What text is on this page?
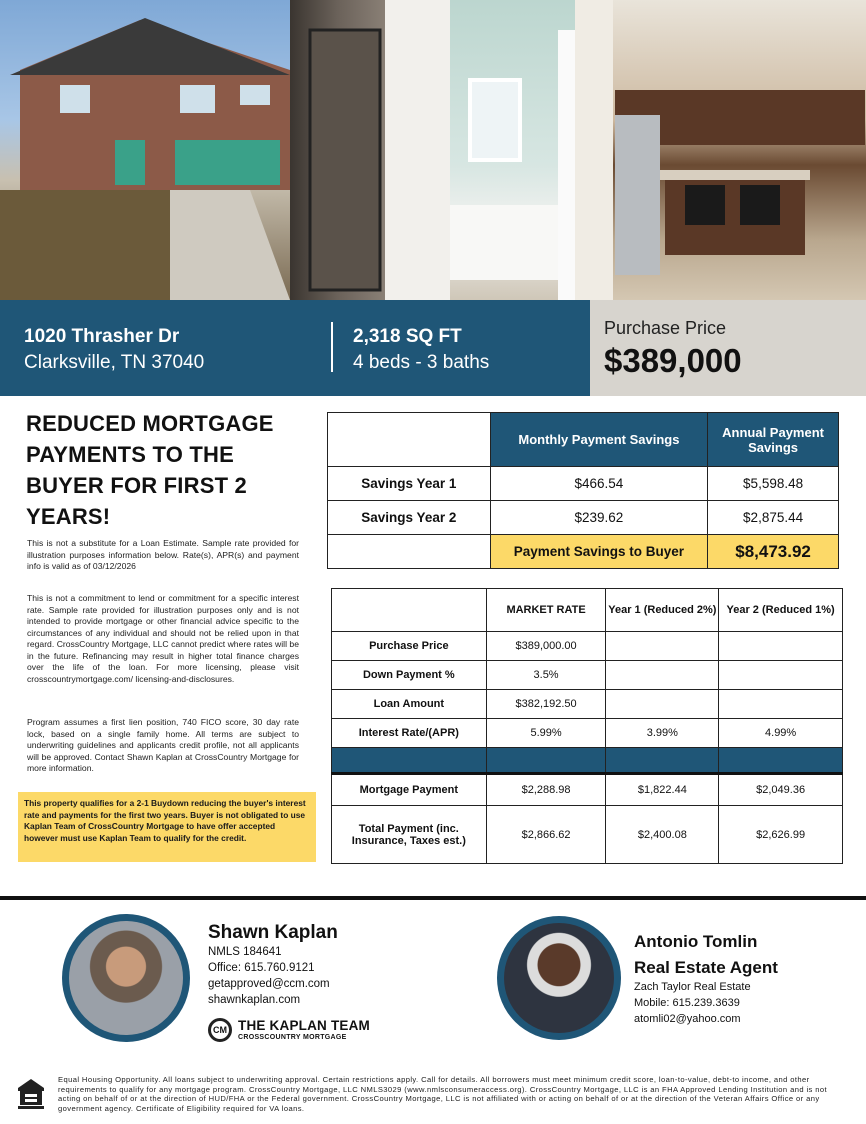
1020 Thrasher Dr
Clarksville, TN 37040
2,318 SQ FT
4 beds - 3 baths
Purchase Price
$389,000
REDUCED MORTGAGE PAYMENTS TO THE BUYER FOR FIRST 2 YEARS!
This is not a substitute for a Loan Estimate. Sample rate provided for illustration purposes information below. Rate(s), APR(s) and payment info is valid as of 03/12/2026
This is not a commitment to lend or commitment for a specific interest rate. Sample rate provided for illustration purposes only and is not intended to provide mortgage or other financial advice specific to the circumstances of any individual and should not be relied upon in that regard. CrossCountry Mortgage, LLC cannot predict where rates will be in the future. Refinancing may result in higher total finance charges over the life of the loan. For more licensing, please visit crosscountrymortgage.com/ licensing-and-disclosures.
Program assumes a first lien position, 740 FICO score, 30 day rate lock, based on a single family home. All terms are subject to underwriting guidelines and applicants credit profile, not all applicants will be approved. Contact Shawn Kaplan at CrossCountry Mortgage for more information.
This property qualifies for a 2-1 Buydown reducing the buyer's interest rate and payments for the first two years. Buyer is not obligated to use Kaplan Team of CrossCountry Mortgage to have offer accepted however must use Kaplan Team to qualify for the credit.
	Monthly Payment Savings	Annual Payment Savings
Savings Year 1	$466.54	$5,598.48
Savings Year 2	$239.62	$2,875.44
	Payment Savings to Buyer	$8,473.92
	MARKET RATE	Year 1 (Reduced 2%)	Year 2 (Reduced 1%)
Purchase Price	$389,000.00		
Down Payment %	3.5%		
Loan Amount	$382,192.50		
Interest Rate/(APR)	5.99%	3.99%	4.99%

Mortgage Payment	$2,288.98	$1,822.44	$2,049.36
Total Payment (inc. Insurance, Taxes est.)	$2,866.62	$2,400.08	$2,626.99
Shawn Kaplan
NMLS 184641
Office: 615.760.9121
getapproved@ccm.com
shawnkaplan.com
CM THE KAPLAN TEAM
CROSSCOUNTRY MORTGAGE
Antonio Tomlin
Real Estate Agent
Zach Taylor Real Estate
Mobile: 615.239.3639
atomli02@yahoo.com
Equal Housing Opportunity. All loans subject to underwriting approval. Certain restrictions apply. Call for details. All borrowers must meet minimum credit score, loan-to-value, debt-to income, and other requirements to qualify for any mortgage program. CrossCountry Mortgage, LLC NMLS3029 (www.nmlsconsumeraccess.org). CrossCountry Mortgage, LLC is an FHA Approved Lending Institution and is not acting on behalf of or at the direction of HUD/FHA or the Federal government. CrossCountry Mortgage, LLC is not affiliated with or acting on behalf of or at the direction of the Veteran Affairs Office or any government agency. Certificate of Eligibility required for VA loans.
